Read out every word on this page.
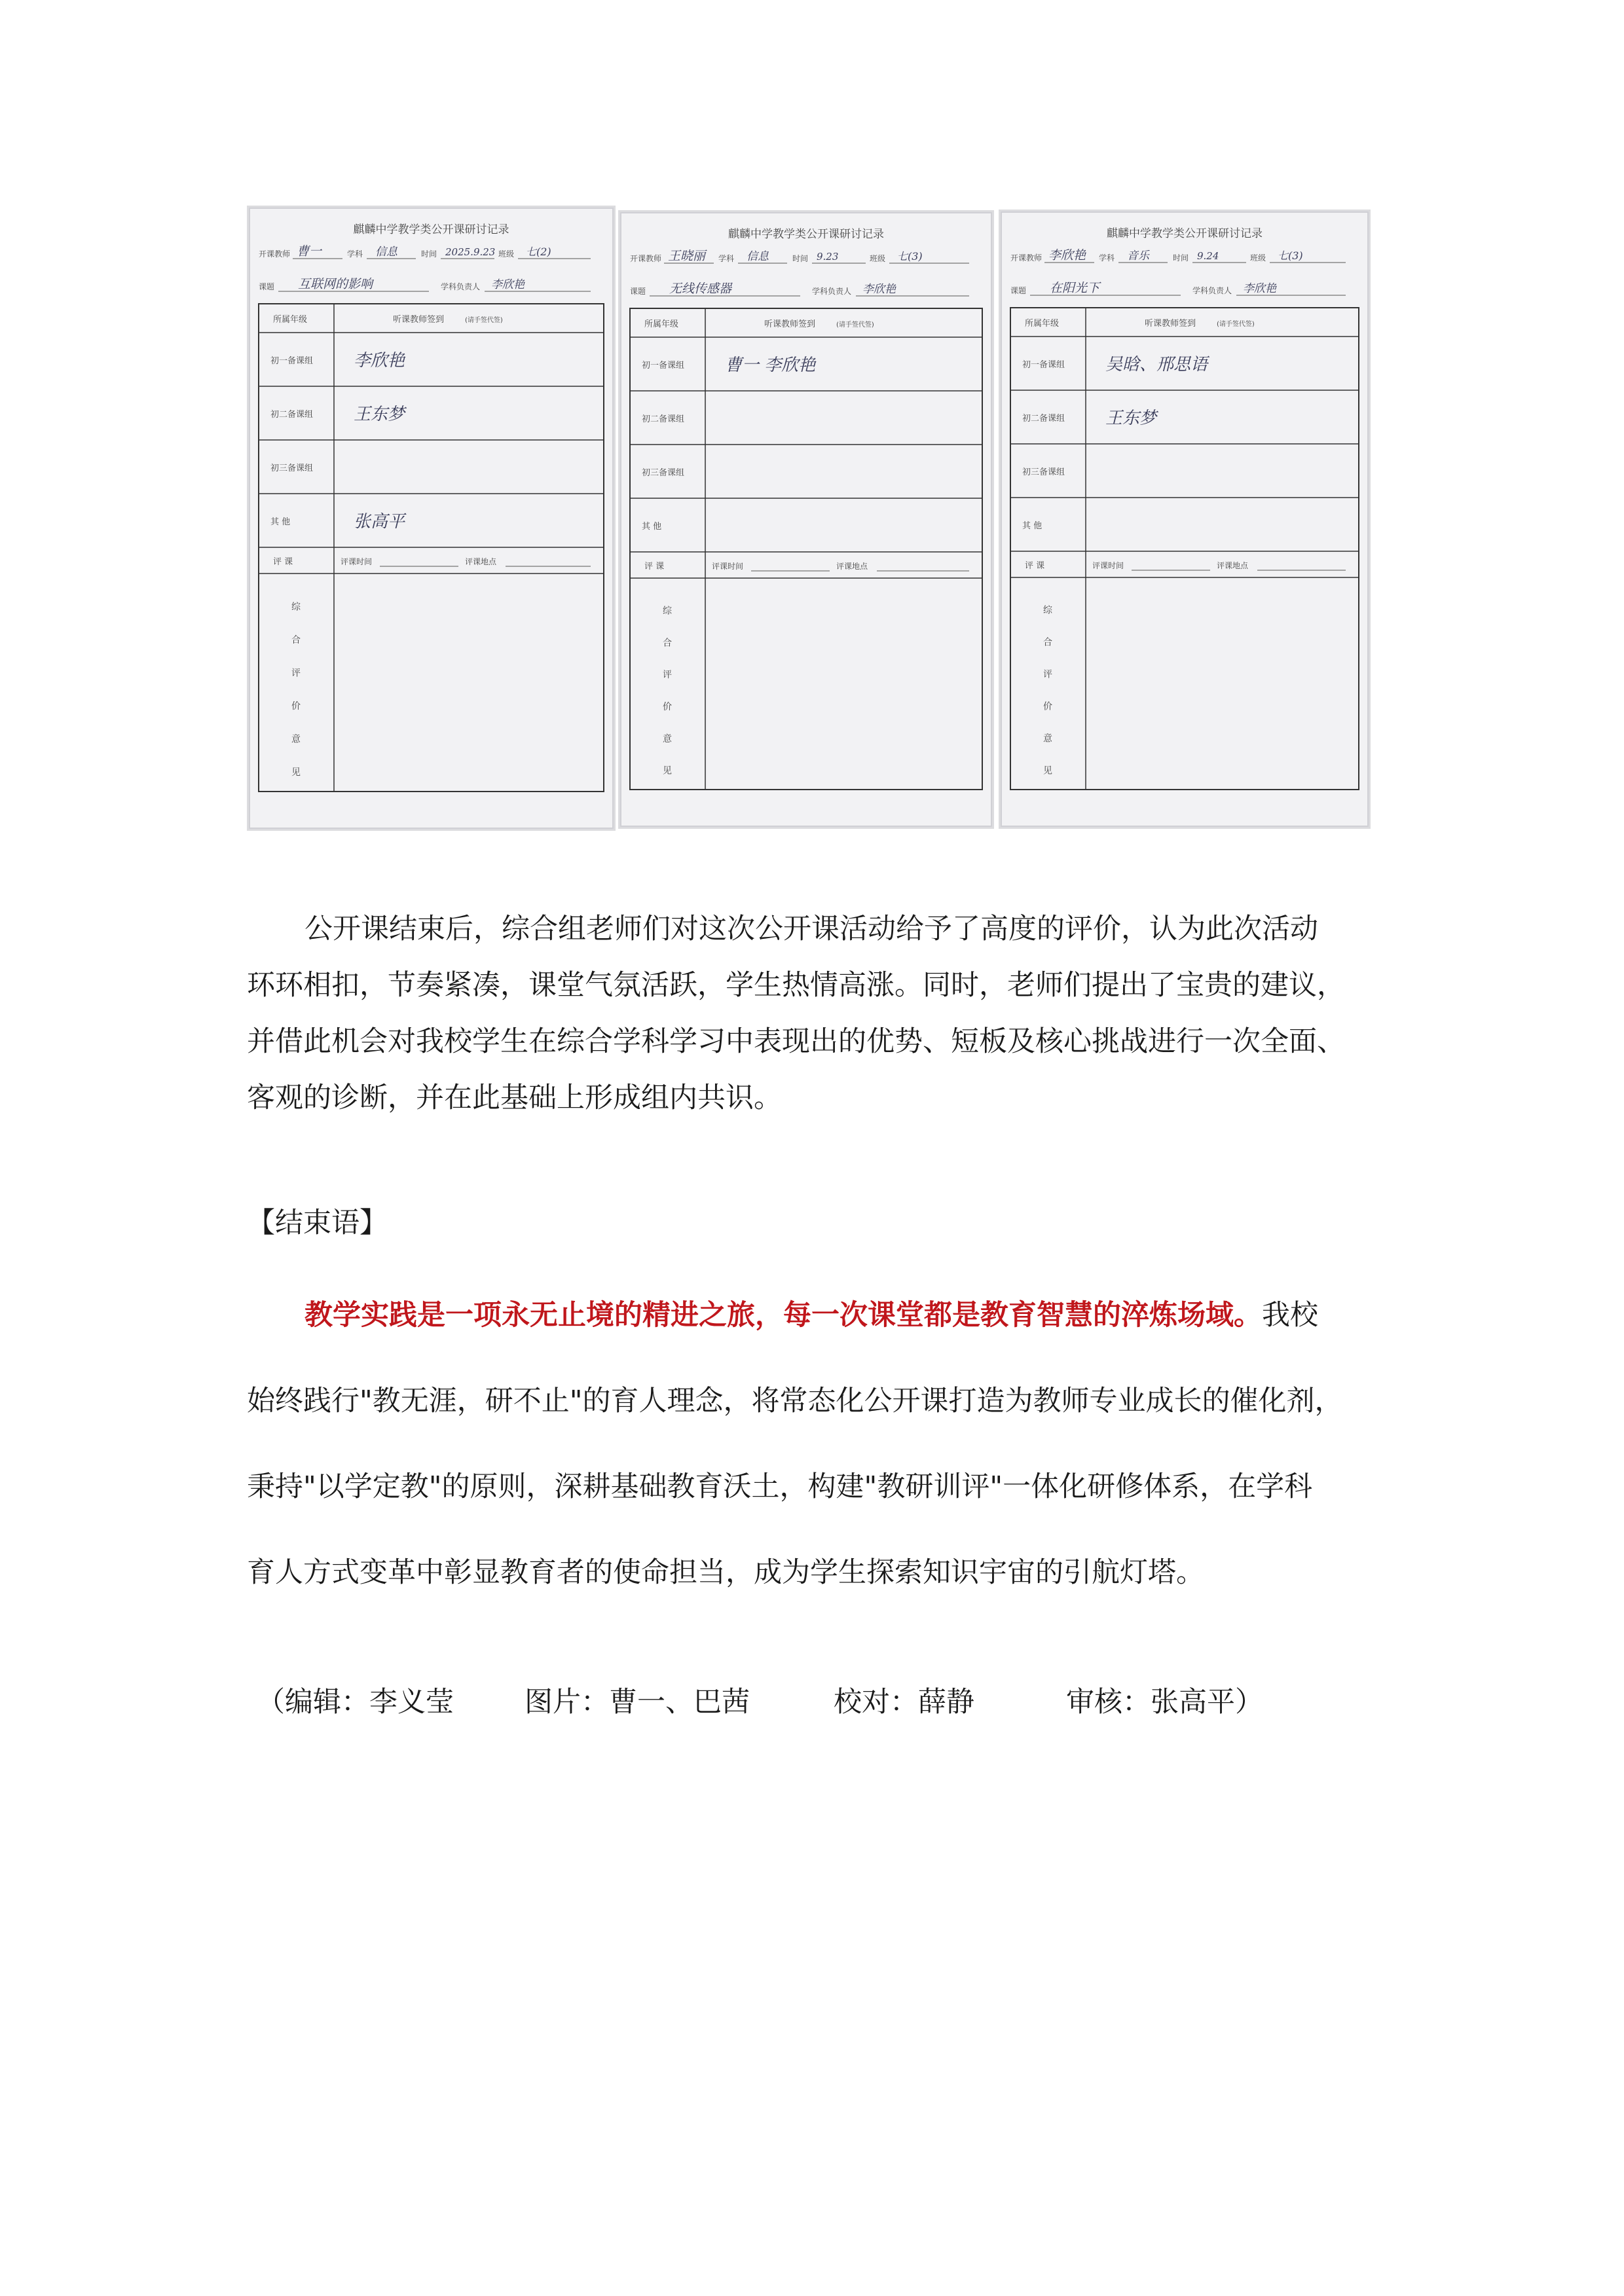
麒麟中学教学类公开课研讨记录
开课教师 曹一	学科 信息	时间 2025.9.23 班级 七(2)
课题 互联网的影响	学科负责人 李欣艳
所属年级	听课教师签到	(请手签代签)
初一备课组 李欣艳
初二备课组 王东梦
初三备课组
其 他	张高平
评 课	评课时间	评课地点
综
合
评
价
意
见
麒麟中学教学类公开课研讨记录
开课教师 王晓丽 学科 信息	时间 9.23	班级 七(3)
课题 无线传感器	学科负责人 李欣艳
所属年级	听课教师签到	(请手签代签)
初一备课组 曹一 李欣艳
初二备课组
初三备课组
其 他
评 课	评课时间	评课地点
综
合
评
价
意
见
麒麟中学教学类公开课研讨记录
开课教师 李欣艳 学科 音乐	时间 9.24	班级 七(3)
课题 在阳光下	学科负责人 李欣艳
所属年级	听课教师签到	(请手签代签)
初一备课组 吴晗、邢思语
初二备课组 王东梦
初三备课组
其 他
评 课	评课时间	评课地点
综
合
评
价
意
见

公开课结束后，综合组老师们对这次公开课活动给予了高度的评价，认为此次活动
环环相扣，节奏紧凑，课堂气氛活跃，学生热情高涨。同时，老师们提出了宝贵的建议，
并借此机会对我校学生在综合学科学习中表现出的优势、短板及核心挑战进行一次全面、
客观的诊断，并在此基础上形成组内共识。

【结束语】

教学实践是一项永无止境的精进之旅，每一次课堂都是教育智慧的淬炼场域。我校
始终践行"教无涯，研不止"的育人理念，将常态化公开课打造为教师专业成长的催化剂，
秉持"以学定教"的原则，深耕基础教育沃土，构建"教研训评"一体化研修体系，在学科
育人方式变革中彰显教育者的使命担当，成为学生探索知识宇宙的引航灯塔。

（编辑：李义莹	图片：曹一、巴茜	校对：薛静	审核：张高平）
